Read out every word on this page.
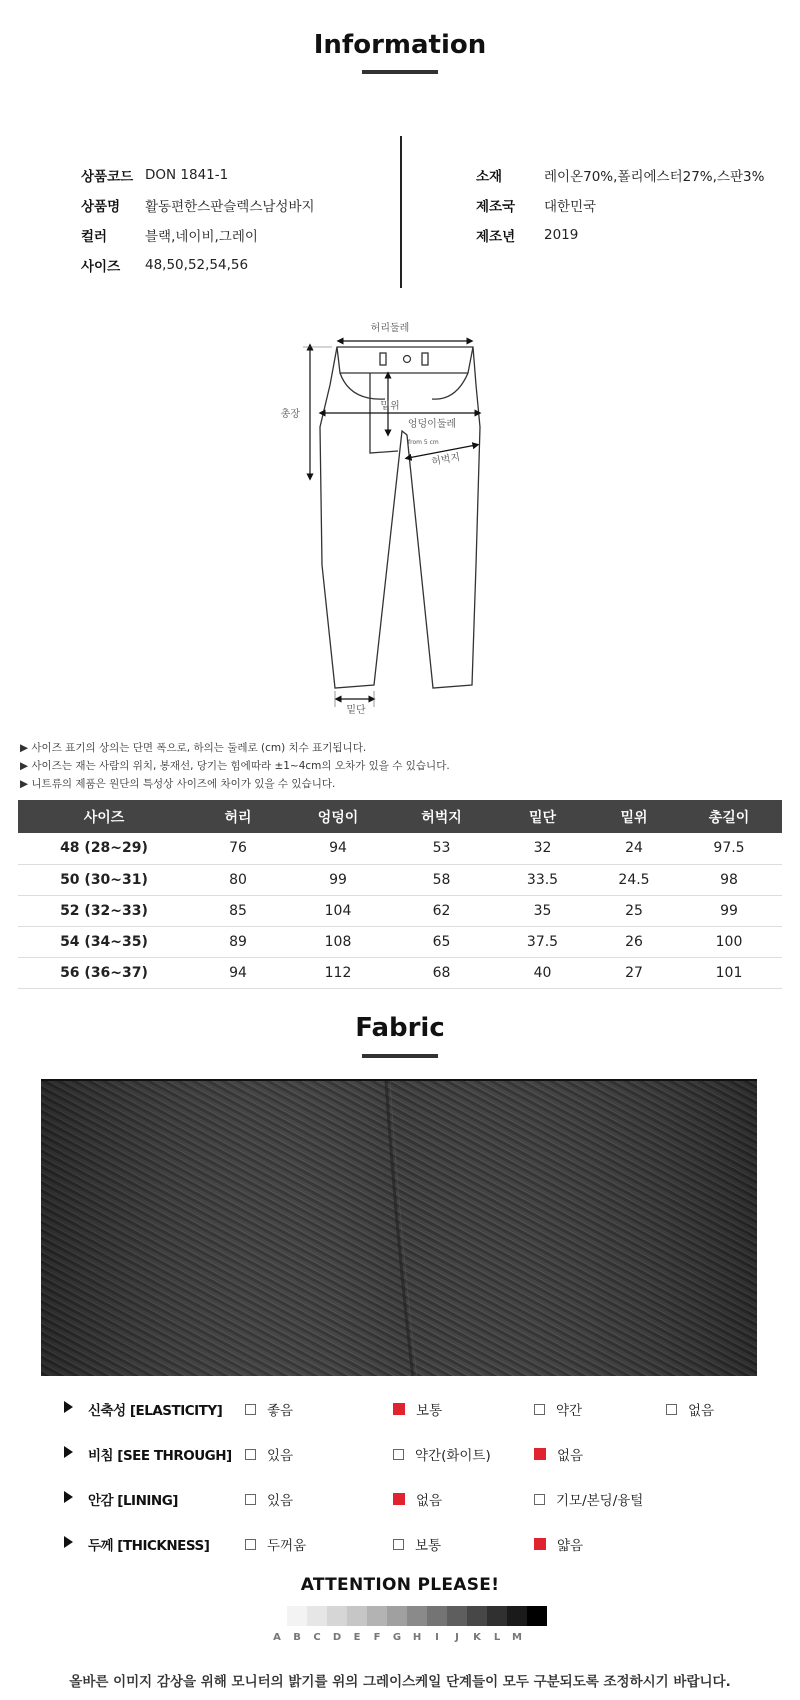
Information
상품코드 DON 1841-1
상품명	활동편한스판슬렉스남성바지
컬러	블랙,네이비,그레이
사이즈	48,50,52,54,56
소재	레이온70%,폴리에스터27%,스판3%
제조국	대한민국
제조년	2019
허리둘레
밑위
엉덩이둘레
총장
from 5 cm
허벅지
밑단
▶ 사이즈 표기의 상의는 단면 폭으로, 하의는 둘레로 (cm) 치수 표기됩니다.
▶ 사이즈는 재는 사람의 위치, 봉재선, 당기는 힘에따라 ±1~4cm의 오차가 있을 수 있습니다.
▶ 니트류의 제품은 원단의 특성상 사이즈에 차이가 있을 수 있습니다.
사이즈	허리	엉덩이	허벅지	밑단	밑위	총길이
48 (28~29)	76	94	53	32	24	97.5
50 (30~31)	80	99	58	33.5	24.5	98
52 (32~33)	85	104	62	35	25	99
54 (34~35)	89	108	65	37.5	26	100
56 (36~37)	94	112	68	40	27	101
Fabric
신축성 [ELASTICITY]	좋음	보통	약간	없음
비침 [SEE THROUGH]	있음	약간(화이트)	없음
안감 [LINING]	있음	없음	기모/본딩/융털
두께 [THICKNESS]	두꺼움	보통	얇음
ATTENTION PLEASE!
A	B	C	D	E	F	G	H	I	J	K	L	M
올바른 이미지 감상을 위해 모니터의 밝기를 위의 그레이스케일 단계들이 모두 구분되도록 조정하시기 바랍니다.
